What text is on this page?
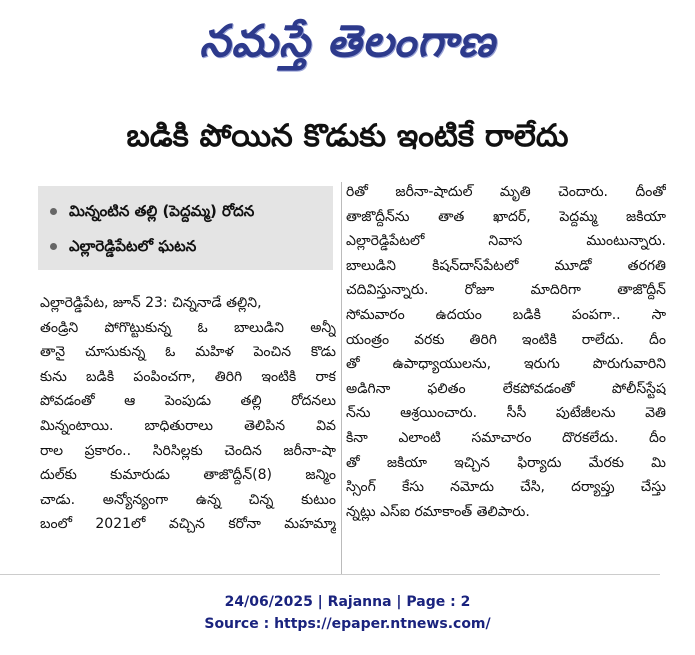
నమస్తే తెలంగాణ
బడికి పోయిన కొడుకు ఇంటికే రాలేదు
మిన్నంటిన తల్లి (పెద్దమ్మ) రోదన
ఎల్లారెడ్డిపేటలో ఘటన
ఎల్లారెడ్డిపేట, జూన్ 23: చిన్ననాడే తల్లిని,
తండ్రిని పోగొట్టుకున్న ఓ బాలుడిని అన్నీ
తానై చూసుకున్న ఓ మహిళ పెంచిన కొడు
కును బడికి పంపించగా, తిరిగి ఇంటికి రాక
పోవడంతో ఆ పెంపుడు తల్లి రోదనలు
మిన్నంటాయి. బాధితురాలు తెలిపిన వివ
రాల ప్రకారం.. సిరిసిల్లకు చెందిన జరీనా-షా
దుల్‌కు కుమారుడు తాజొద్దీన్(8) జన్మిం
చాడు. అన్యోన్యంగా ఉన్న చిన్న కుటుం
బంలో 2021లో వచ్చిన కరోనా మహమ్మా
రితో జరీనా-షాదుల్ మృతి చెందారు. దీంతో
తాజొద్దీన్‌ను తాత ఖాదర్, పెద్దమ్మ జకియా
ఎల్లారెడ్డిపేటలో నివాస ముంటున్నారు.
బాలుడిని కిషన్‌దాస్‌పేటలో మూడో తరగతి
చదివిస్తున్నారు. రోజూ మాదిరిగా తాజొద్దీన్
సోమవారం ఉదయం బడికి పంపగా.. సా
యంత్రం వరకు తిరిగి ఇంటికి రాలేదు. దీం
తో ఉపాధ్యాయులను, ఇరుగు పొరుగువారిని
అడిగినా ఫలితం లేకపోవడంతో పోలీస్‌స్టేష
న్‌ను ఆశ్రయించారు. సీసీ పుటేజీలను వెతి
కినా ఎలాంటి సమాచారం దొరకలేదు. దీం
తో జకియా ఇచ్చిన ఫిర్యాదు మేరకు మి
స్సింగ్ కేసు నమోదు చేసి, దర్యాప్తు చేస్తు
న్నట్లు ఎస్ఐ రమాకాంత్ తెలిపారు.
24/06/2025 | Rajanna | Page : 2
Source : https://epaper.ntnews.com/
